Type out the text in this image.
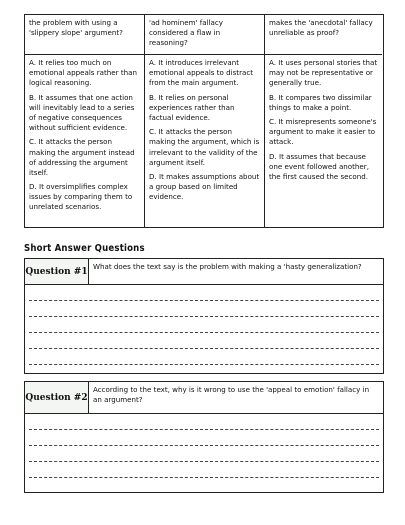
the problem with using a 'slippery slope' argument?
'ad hominem' fallacy considered a flaw in reasoning?
makes the 'anecdotal' fallacy unreliable as proof?
A. It relies too much on emotional appeals rather than logical reasoning.
B. It assumes that one action will inevitably lead to a series of negative consequences without sufficient evidence.
C. It attacks the person making the argument instead of addressing the argument itself.
D. It oversimplifies complex issues by comparing them to unrelated scenarios.
A. It introduces irrelevant emotional appeals to distract from the main argument.
B. It relies on personal experiences rather than factual evidence.
C. It attacks the person making the argument, which is irrelevant to the validity of the argument itself.
D. It makes assumptions about a group based on limited evidence.
A. It uses personal stories that may not be representative or generally true.
B. It compares two dissimilar things to make a point.
C. It misrepresents someone's argument to make it easier to attack.
D. It assumes that because one event followed another, the first caused the second.
Short Answer Questions
Question #1 What does the text say is the problem with making a 'hasty generalization?
Question #2
According to the text, why is it wrong to use the 'appeal to emotion' fallacy in an argument?
